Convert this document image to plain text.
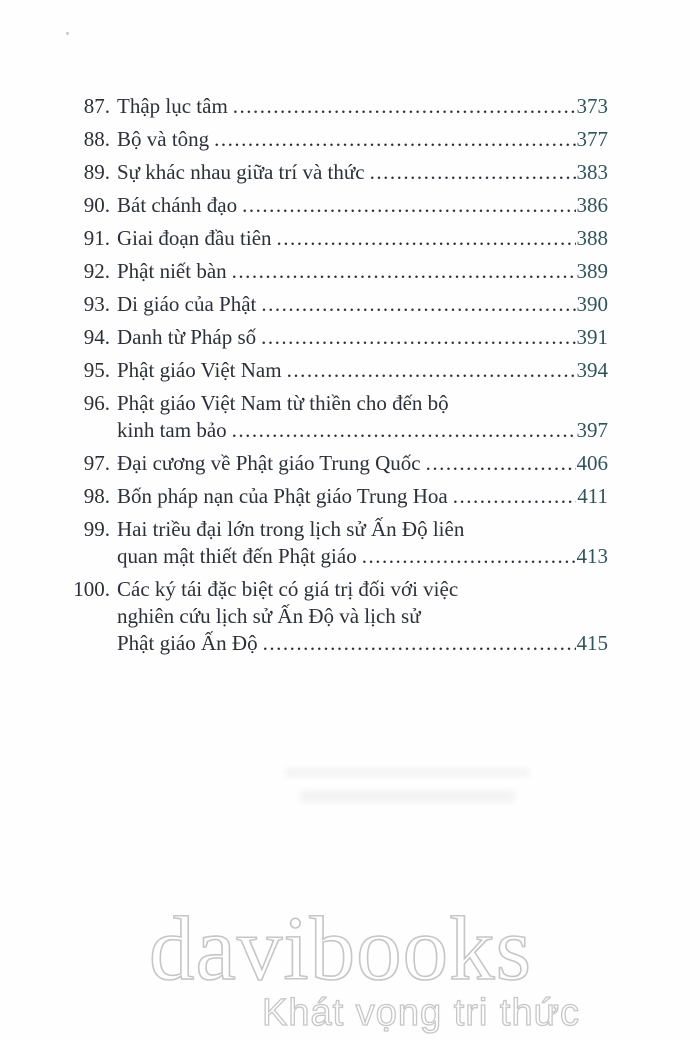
87. Thập lục tâm .....	373
88. Bộ và tông .....	377
89. Sự khác nhau giữa trí và thức .....	383
90. Bát chánh đạo .....	386
91. Giai đoạn đầu tiên .....	388
92. Phật niết bàn .....	389
93. Di giáo của Phật .....	390
94. Danh từ Pháp số .....	391
95. Phật giáo Việt Nam .....	394
96. Phật giáo Việt Nam từ thiền cho đến bộ
kinh tam bảo .....	397
97. Đại cương về Phật giáo Trung Quốc .....	406
98. Bốn pháp nạn của Phật giáo Trung Hoa .....	411
99. Hai triều đại lớn trong lịch sử Ấn Độ liên
quan mật thiết đến Phật giáo .....	413
100. Các ký tái đặc biệt có giá trị đối với việc
nghiên cứu lịch sử Ấn Độ và lịch sử
Phật giáo Ấn Độ .....	415
davibooks
Khát vọng tri thức
